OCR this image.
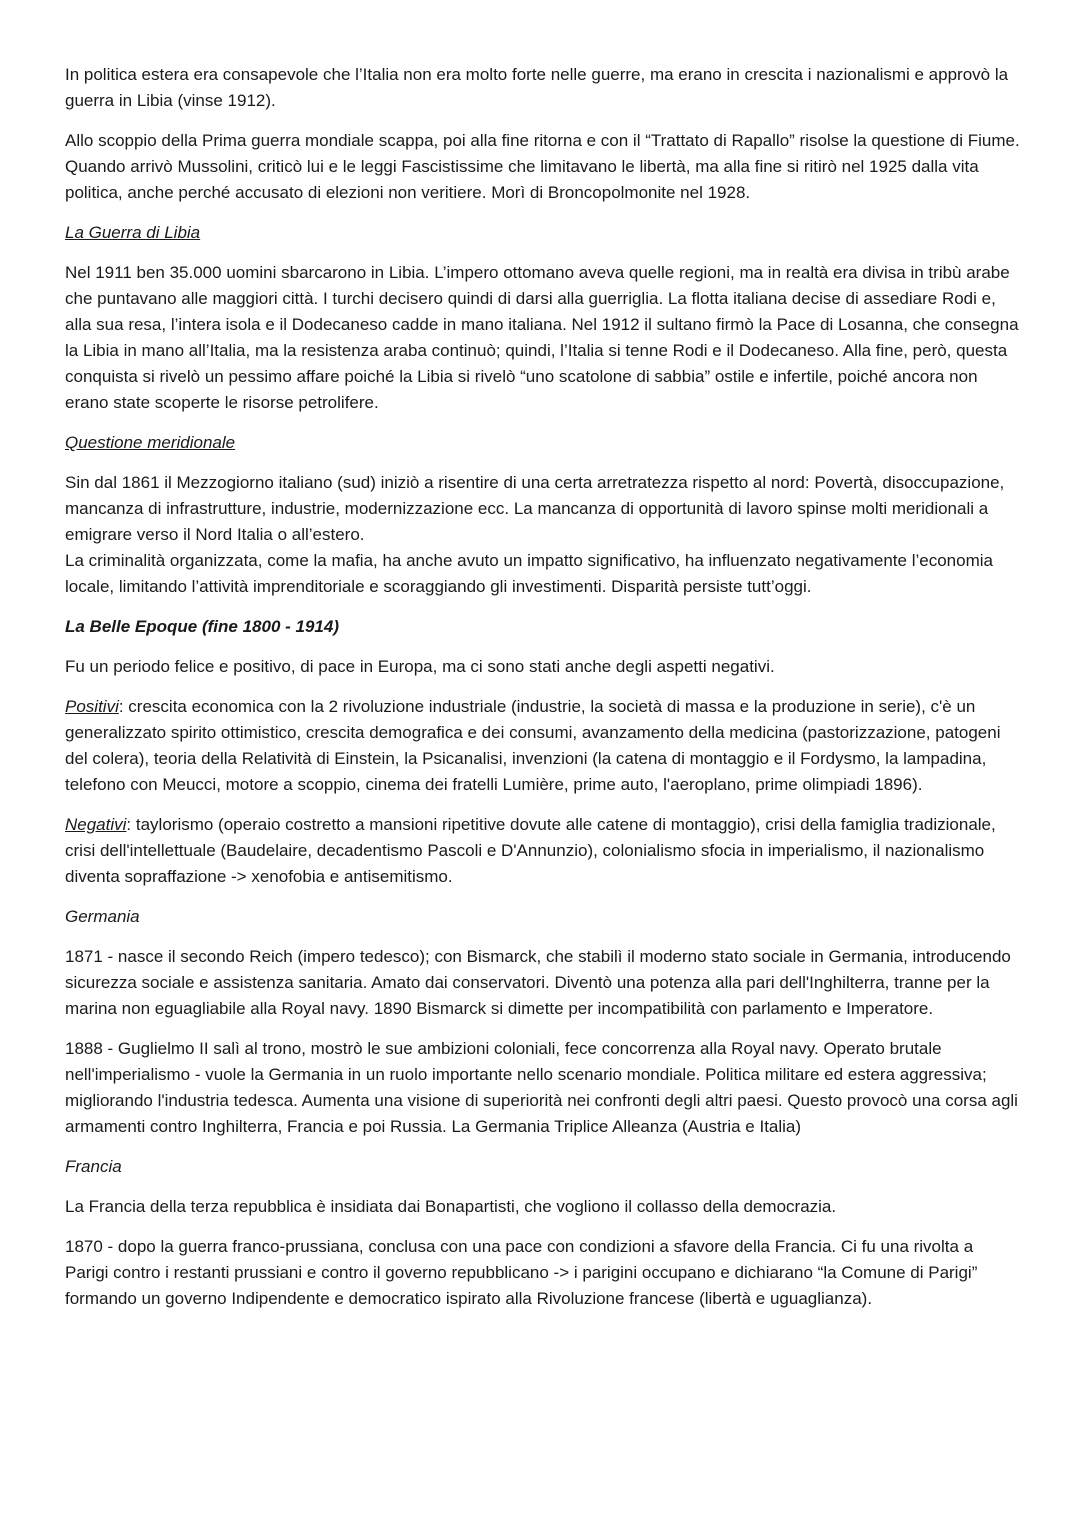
In politica estera era consapevole che l’Italia non era molto forte nelle guerre, ma erano in crescita i nazionalismi e approvò la guerra in Libia (vinse 1912).

Allo scoppio della Prima guerra mondiale scappa, poi alla fine ritorna e con il “Trattato di Rapallo” risolse la questione di Fiume. Quando arrivò Mussolini, criticò lui e le leggi Fascistissime che limitavano le libertà, ma alla fine si ritirò nel 1925 dalla vita politica, anche perché accusato di elezioni non veritiere. Morì di Broncopolmonite nel 1928.

La Guerra di Libia

Nel 1911 ben 35.000 uomini sbarcarono in Libia. L’impero ottomano aveva quelle regioni, ma in realtà era divisa in tribù arabe che puntavano alle maggiori città. I turchi decisero quindi di darsi alla guerriglia. La flotta italiana decise di assediare Rodi e, alla sua resa, l’intera isola e il Dodecaneso cadde in mano italiana. Nel 1912 il sultano firmò la Pace di Losanna, che consegna la Libia in mano all’Italia, ma la resistenza araba continuò; quindi, l’Italia si tenne Rodi e il Dodecaneso. Alla fine, però, questa conquista si rivelò un pessimo affare poiché la Libia si rivelò “uno scatolone di sabbia” ostile e infertile, poiché ancora non erano state scoperte le risorse petrolifere.

Questione meridionale

Sin dal 1861 il Mezzogiorno italiano (sud) iniziò a risentire di una certa arretratezza rispetto al nord: Povertà, disoccupazione, mancanza di infrastrutture, industrie, modernizzazione ecc. La mancanza di opportunità di lavoro spinse molti meridionali a emigrare verso il Nord Italia o all’estero.
La criminalità organizzata, come la mafia, ha anche avuto un impatto significativo, ha influenzato negativamente l’economia locale, limitando l’attività imprenditoriale e scoraggiando gli investimenti. Disparità persiste tutt’oggi.

La Belle Epoque (fine 1800 - 1914)

Fu un periodo felice e positivo, di pace in Europa, ma ci sono stati anche degli aspetti negativi.

Positivi: crescita economica con la 2 rivoluzione industriale (industrie, la società di massa e la produzione in serie), c'è un generalizzato spirito ottimistico, crescita demografica e dei consumi, avanzamento della medicina (pastorizzazione, patogeni del colera), teoria della Relatività di Einstein, la Psicanalisi, invenzioni (la catena di montaggio e il Fordysmo, la lampadina, telefono con Meucci, motore a scoppio, cinema dei fratelli Lumière, prime auto, l'aeroplano, prime olimpiadi 1896).

Negativi: taylorismo (operaio costretto a mansioni ripetitive dovute alle catene di montaggio), crisi della famiglia tradizionale, crisi dell'intellettuale (Baudelaire, decadentismo Pascoli e D'Annunzio), colonialismo sfocia in imperialismo, il nazionalismo diventa sopraffazione -> xenofobia e antisemitismo.

Germania

1871 - nasce il secondo Reich (impero tedesco); con Bismarck, che stabilì il moderno stato sociale in Germania, introducendo sicurezza sociale e assistenza sanitaria. Amato dai conservatori. Diventò una potenza alla pari dell'Inghilterra, tranne per la marina non eguagliabile alla Royal navy. 1890 Bismarck si dimette per incompatibilità con parlamento e Imperatore.

1888 - Guglielmo II salì al trono, mostrò le sue ambizioni coloniali, fece concorrenza alla Royal navy. Operato brutale nell'imperialismo - vuole la Germania in un ruolo importante nello scenario mondiale. Politica militare ed estera aggressiva; migliorando l'industria tedesca. Aumenta una visione di superiorità nei confronti degli altri paesi. Questo provocò una corsa agli armamenti contro Inghilterra, Francia e poi Russia. La Germania Triplice Alleanza (Austria e Italia)

Francia

La Francia della terza repubblica è insidiata dai Bonapartisti, che vogliono il collasso della democrazia.

1870 - dopo la guerra franco-prussiana, conclusa con una pace con condizioni a sfavore della Francia. Ci fu una rivolta a Parigi contro i restanti prussiani e contro il governo repubblicano -> i parigini occupano e dichiarano “la Comune di Parigi” formando un governo Indipendente e democratico ispirato alla Rivoluzione francese (libertà e uguaglianza).
